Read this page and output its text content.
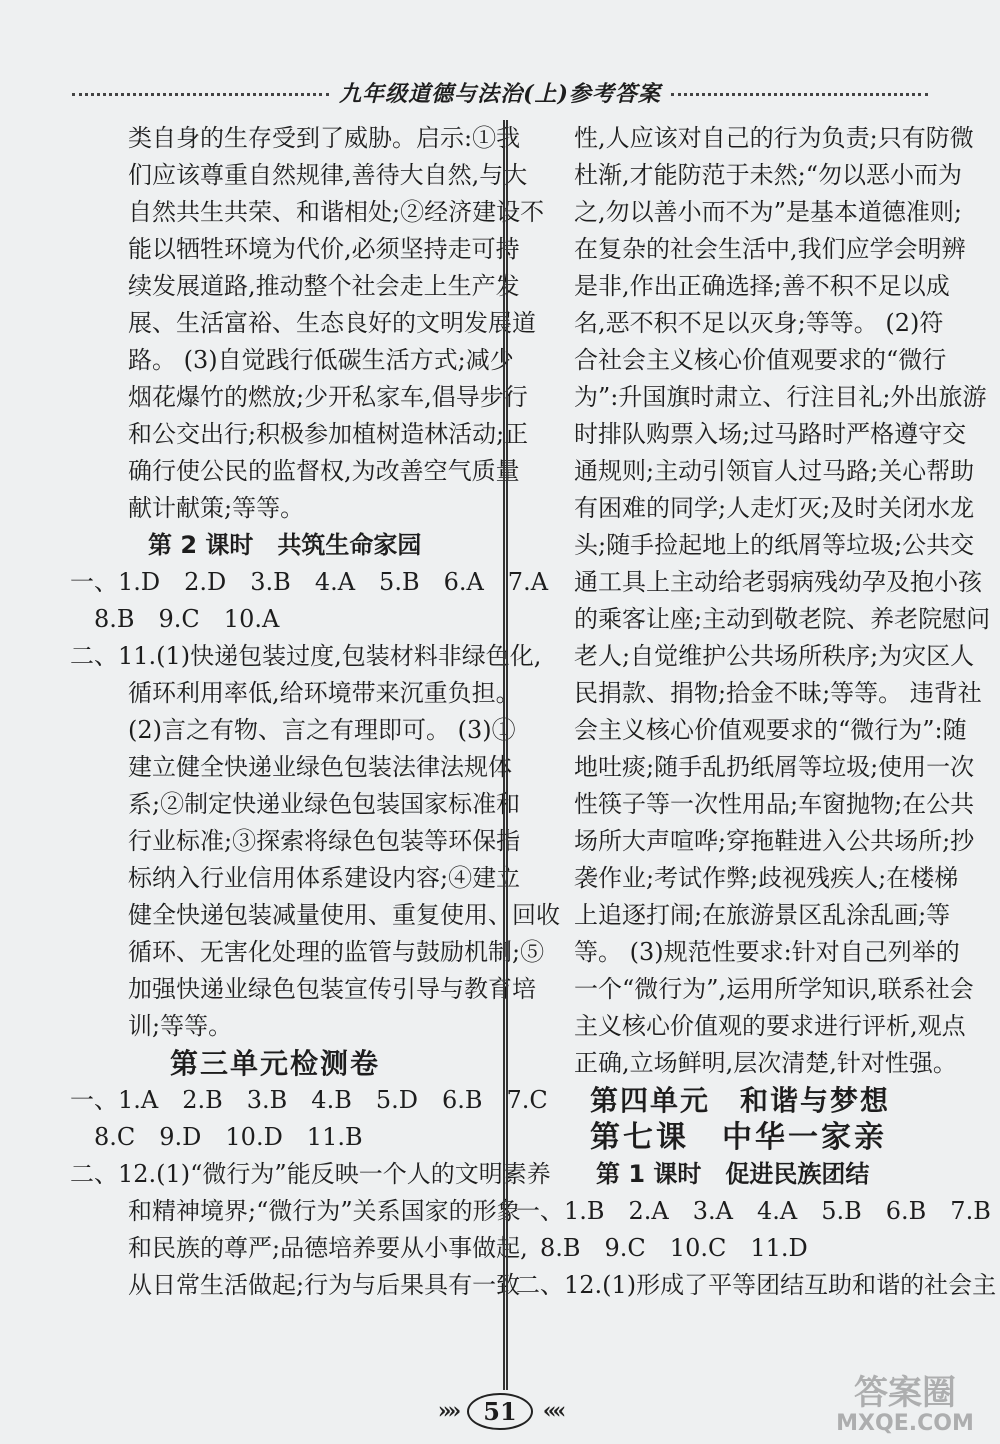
九年级道德与法治(上)参考答案
类自身的生存受到了威胁。启示:①我
们应该尊重自然规律,善待大自然,与大
自然共生共荣、和谐相处;②经济建设不
能以牺牲环境为代价,必须坚持走可持
续发展道路,推动整个社会走上生产发
展、生活富裕、生态良好的文明发展道
路。 (3)自觉践行低碳生活方式;减少
烟花爆竹的燃放;少开私家车,倡导步行
和公交出行;积极参加植树造林活动;正
确行使公民的监督权,为改善空气质量
献计献策;等等。
第 2 课时　共筑生命家园
一、1.D　2.D　3.B　4.A　5.B　6.A　7.A
8.B　9.C　10.A
二、11.(1)快递包装过度,包装材料非绿色化,
循环利用率低,给环境带来沉重负担。
(2)言之有物、言之有理即可。 (3)①
建立健全快递业绿色包装法律法规体
系;②制定快递业绿色包装国家标准和
行业标准;③探索将绿色包装等环保指
标纳入行业信用体系建设内容;④建立
健全快递包装减量使用、重复使用、回收
循环、无害化处理的监管与鼓励机制;⑤
加强快递业绿色包装宣传引导与教育培
训;等等。
第三单元检测卷
一、1.A　2.B　3.B　4.B　5.D　6.B　7.C
8.C　9.D　10.D　11.B
二、12.(1)“微行为”能反映一个人的文明素养
和精神境界;“微行为”关系国家的形象
和民族的尊严;品德培养要从小事做起,
从日常生活做起;行为与后果具有一致
性,人应该对自己的行为负责;只有防微
杜渐,才能防范于未然;“勿以恶小而为
之,勿以善小而不为”是基本道德准则;
在复杂的社会生活中,我们应学会明辨
是非,作出正确选择;善不积不足以成
名,恶不积不足以灭身;等等。 (2)符
合社会主义核心价值观要求的“微行
为”:升国旗时肃立、行注目礼;外出旅游
时排队购票入场;过马路时严格遵守交
通规则;主动引领盲人过马路;关心帮助
有困难的同学;人走灯灭;及时关闭水龙
头;随手捡起地上的纸屑等垃圾;公共交
通工具上主动给老弱病残幼孕及抱小孩
的乘客让座;主动到敬老院、养老院慰问
老人;自觉维护公共场所秩序;为灾区人
民捐款、捐物;拾金不昧;等等。 违背社
会主义核心价值观要求的“微行为”:随
地吐痰;随手乱扔纸屑等垃圾;使用一次
性筷子等一次性用品;车窗抛物;在公共
场所大声喧哗;穿拖鞋进入公共场所;抄
袭作业;考试作弊;歧视残疾人;在楼梯
上追逐打闹;在旅游景区乱涂乱画;等
等。 (3)规范性要求:针对自己列举的
一个“微行为”,运用所学知识,联系社会
主义核心价值观的要求进行评析,观点
正确,立场鲜明,层次清楚,针对性强。
第四单元　和谐与梦想
第七课　中华一家亲
第 1 课时　促进民族团结
一、1.B　2.A　3.A　4.A　5.B　6.B　7.B
8.B　9.C　10.C　11.D
二、12.(1)形成了平等团结互助和谐的社会主
»»	51	««	答案圈
MXQE.COM
